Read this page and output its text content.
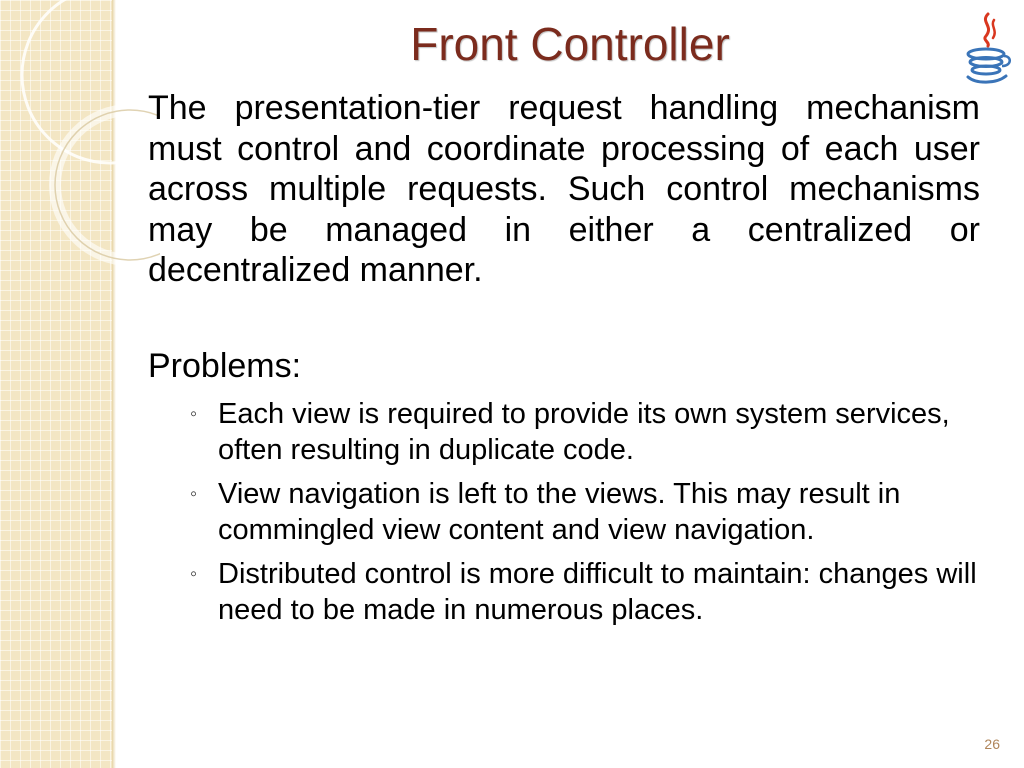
Front Controller

The presentation-tier request handling mechanism must control and coordinate processing of each user across multiple requests. Such control mechanisms may be managed in either a centralized or decentralized manner.

Problems:

◦ Each view is required to provide its own system services, often resulting in duplicate code.
◦ View navigation is left to the views. This may result in commingled view content and view navigation.
◦ Distributed control is more difficult to maintain: changes will need to be made in numerous places.
26
